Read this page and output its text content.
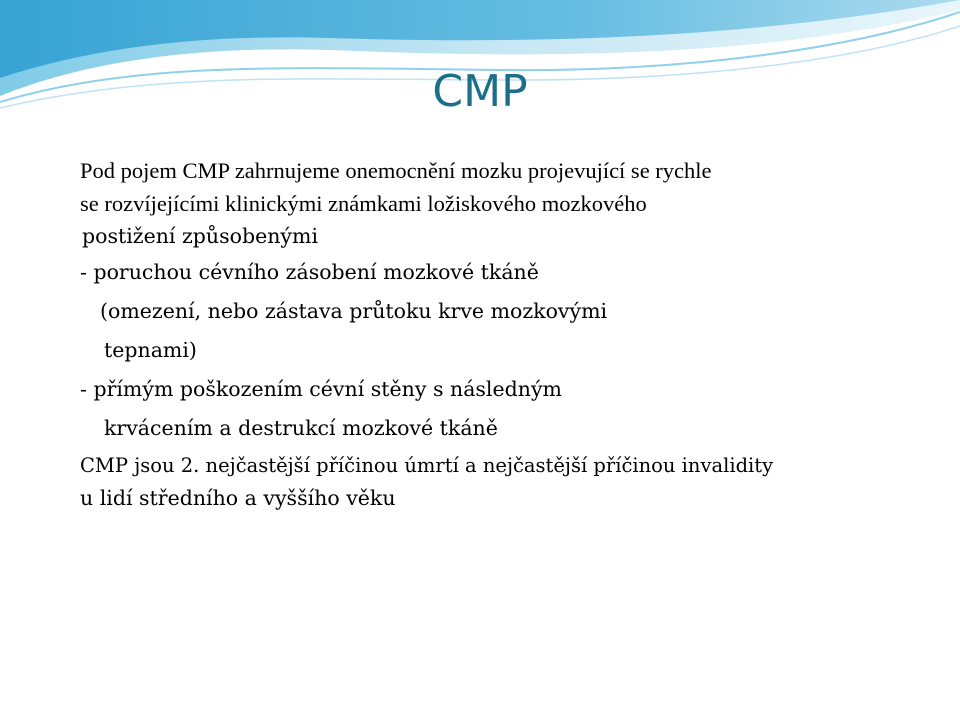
CMP
Pod pojem CMP zahrnujeme onemocnění mozku projevující se rychle
se rozvíjejícími klinickými známkami ložiskového mozkového
postižení způsobenými
- poruchou cévního zásobení mozkové tkáně
(omezení, nebo zástava průtoku krve mozkovými
tepnami)
- přímým poškozením cévní stěny s následným
krvácením a destrukcí mozkové tkáně
CMP jsou 2. nejčastější příčinou úmrtí a nejčastější příčinou invalidity
u lidí středního a vyššího věku
